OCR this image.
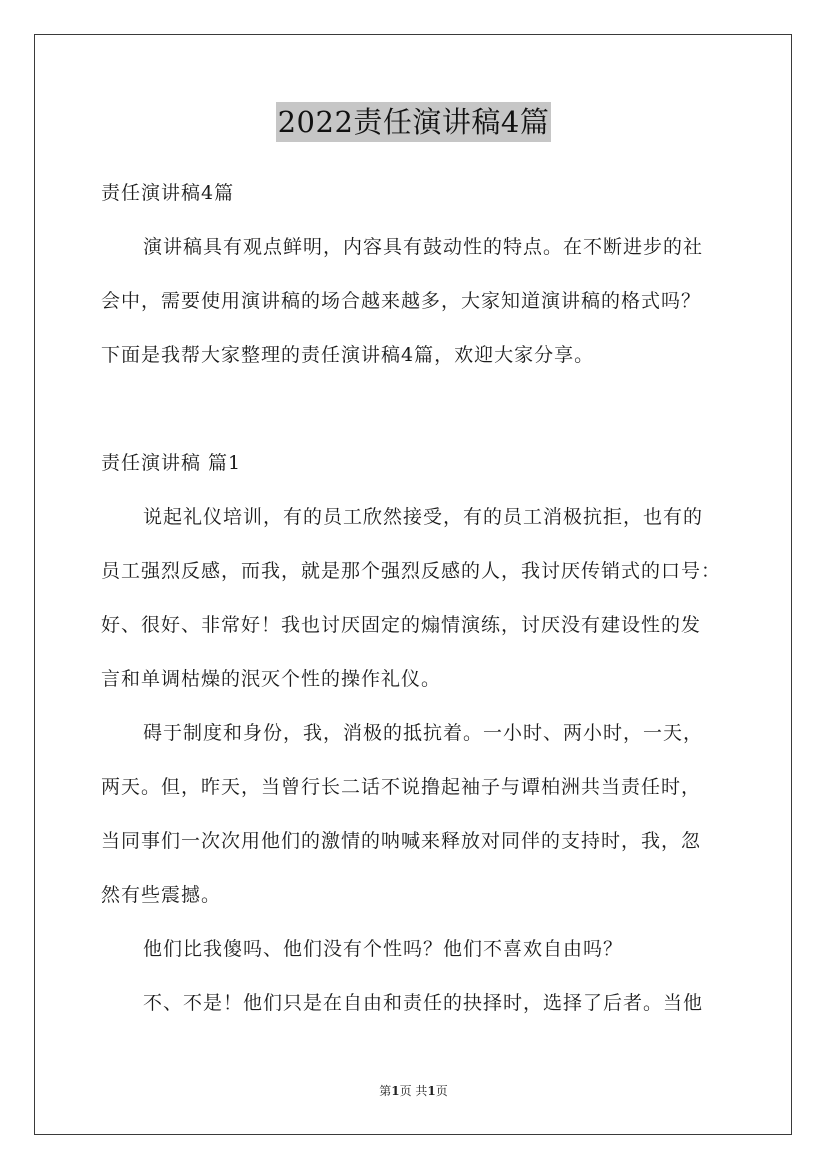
2022责任演讲稿4篇
责任演讲稿4篇
演讲稿具有观点鲜明，内容具有鼓动性的特点。在不断进步的社
会中，需要使用演讲稿的场合越来越多，大家知道演讲稿的格式吗？
下面是我帮大家整理的责任演讲稿4篇，欢迎大家分享。
责任演讲稿 篇1
说起礼仪培训，有的员工欣然接受，有的员工消极抗拒，也有的
员工强烈反感，而我，就是那个强烈反感的人，我讨厌传销式的口号：
好、很好、非常好！我也讨厌固定的煽情演练，讨厌没有建设性的发
言和单调枯燥的泯灭个性的操作礼仪。
碍于制度和身份，我，消极的抵抗着。一小时、两小时，一天，
两天。但，昨天，当曾行长二话不说撸起袖子与谭柏洲共当责任时，
当同事们一次次用他们的激情的呐喊来释放对同伴的支持时，我，忽
然有些震撼。
他们比我傻吗、他们没有个性吗？他们不喜欢自由吗？
不、不是！他们只是在自由和责任的抉择时，选择了后者。当他
第1页 共1页
